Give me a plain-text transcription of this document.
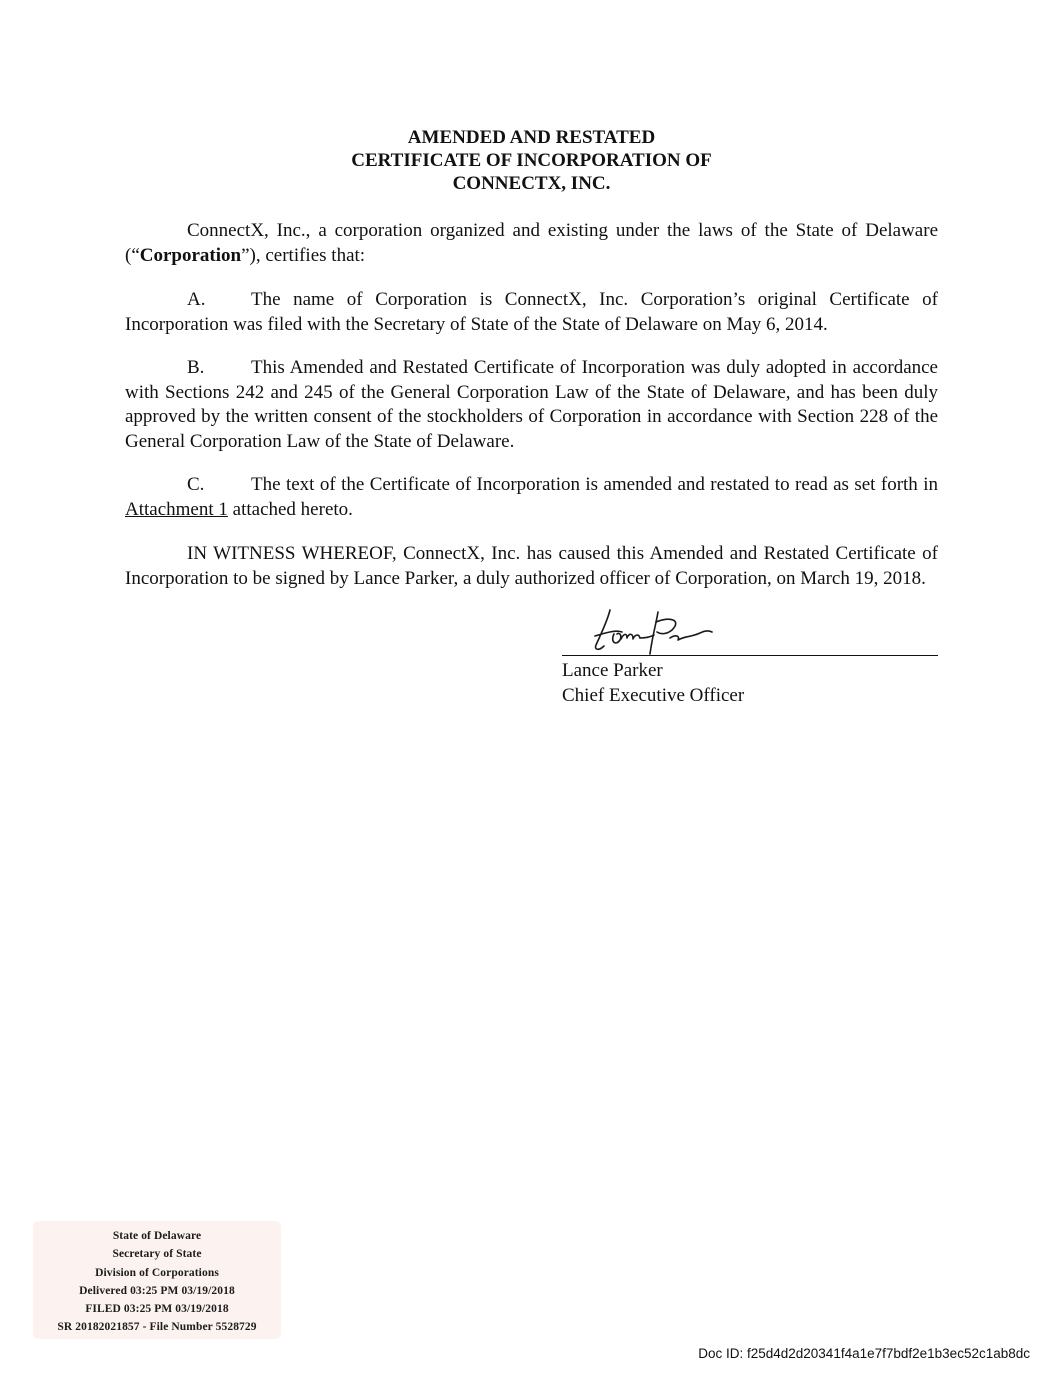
AMENDED AND RESTATED
CERTIFICATE OF INCORPORATION OF
CONNECTX, INC.
ConnectX, Inc., a corporation organized and existing under the laws of the State of Delaware (“Corporation”), certifies that:
A. The name of Corporation is ConnectX, Inc. Corporation’s original Certificate of Incorporation was filed with the Secretary of State of the State of Delaware on May 6, 2014.
B. This Amended and Restated Certificate of Incorporation was duly adopted in accordance with Sections 242 and 245 of the General Corporation Law of the State of Delaware, and has been duly approved by the written consent of the stockholders of Corporation in accordance with Section 228 of the General Corporation Law of the State of Delaware.
C. The text of the Certificate of Incorporation is amended and restated to read as set forth in Attachment 1 attached hereto.
IN WITNESS WHEREOF, ConnectX, Inc. has caused this Amended and Restated Certificate of Incorporation to be signed by Lance Parker, a duly authorized officer of Corporation, on March 19, 2018.
Lance Parker
Chief Executive Officer
State of Delaware
Secretary of State
Division of Corporations
Delivered 03:25 PM 03/19/2018
FILED 03:25 PM 03/19/2018
SR 20182021857 - File Number 5528729
Doc ID: f25d4d2d20341f4a1e7f7bdf2e1b3ec52c1ab8dc
